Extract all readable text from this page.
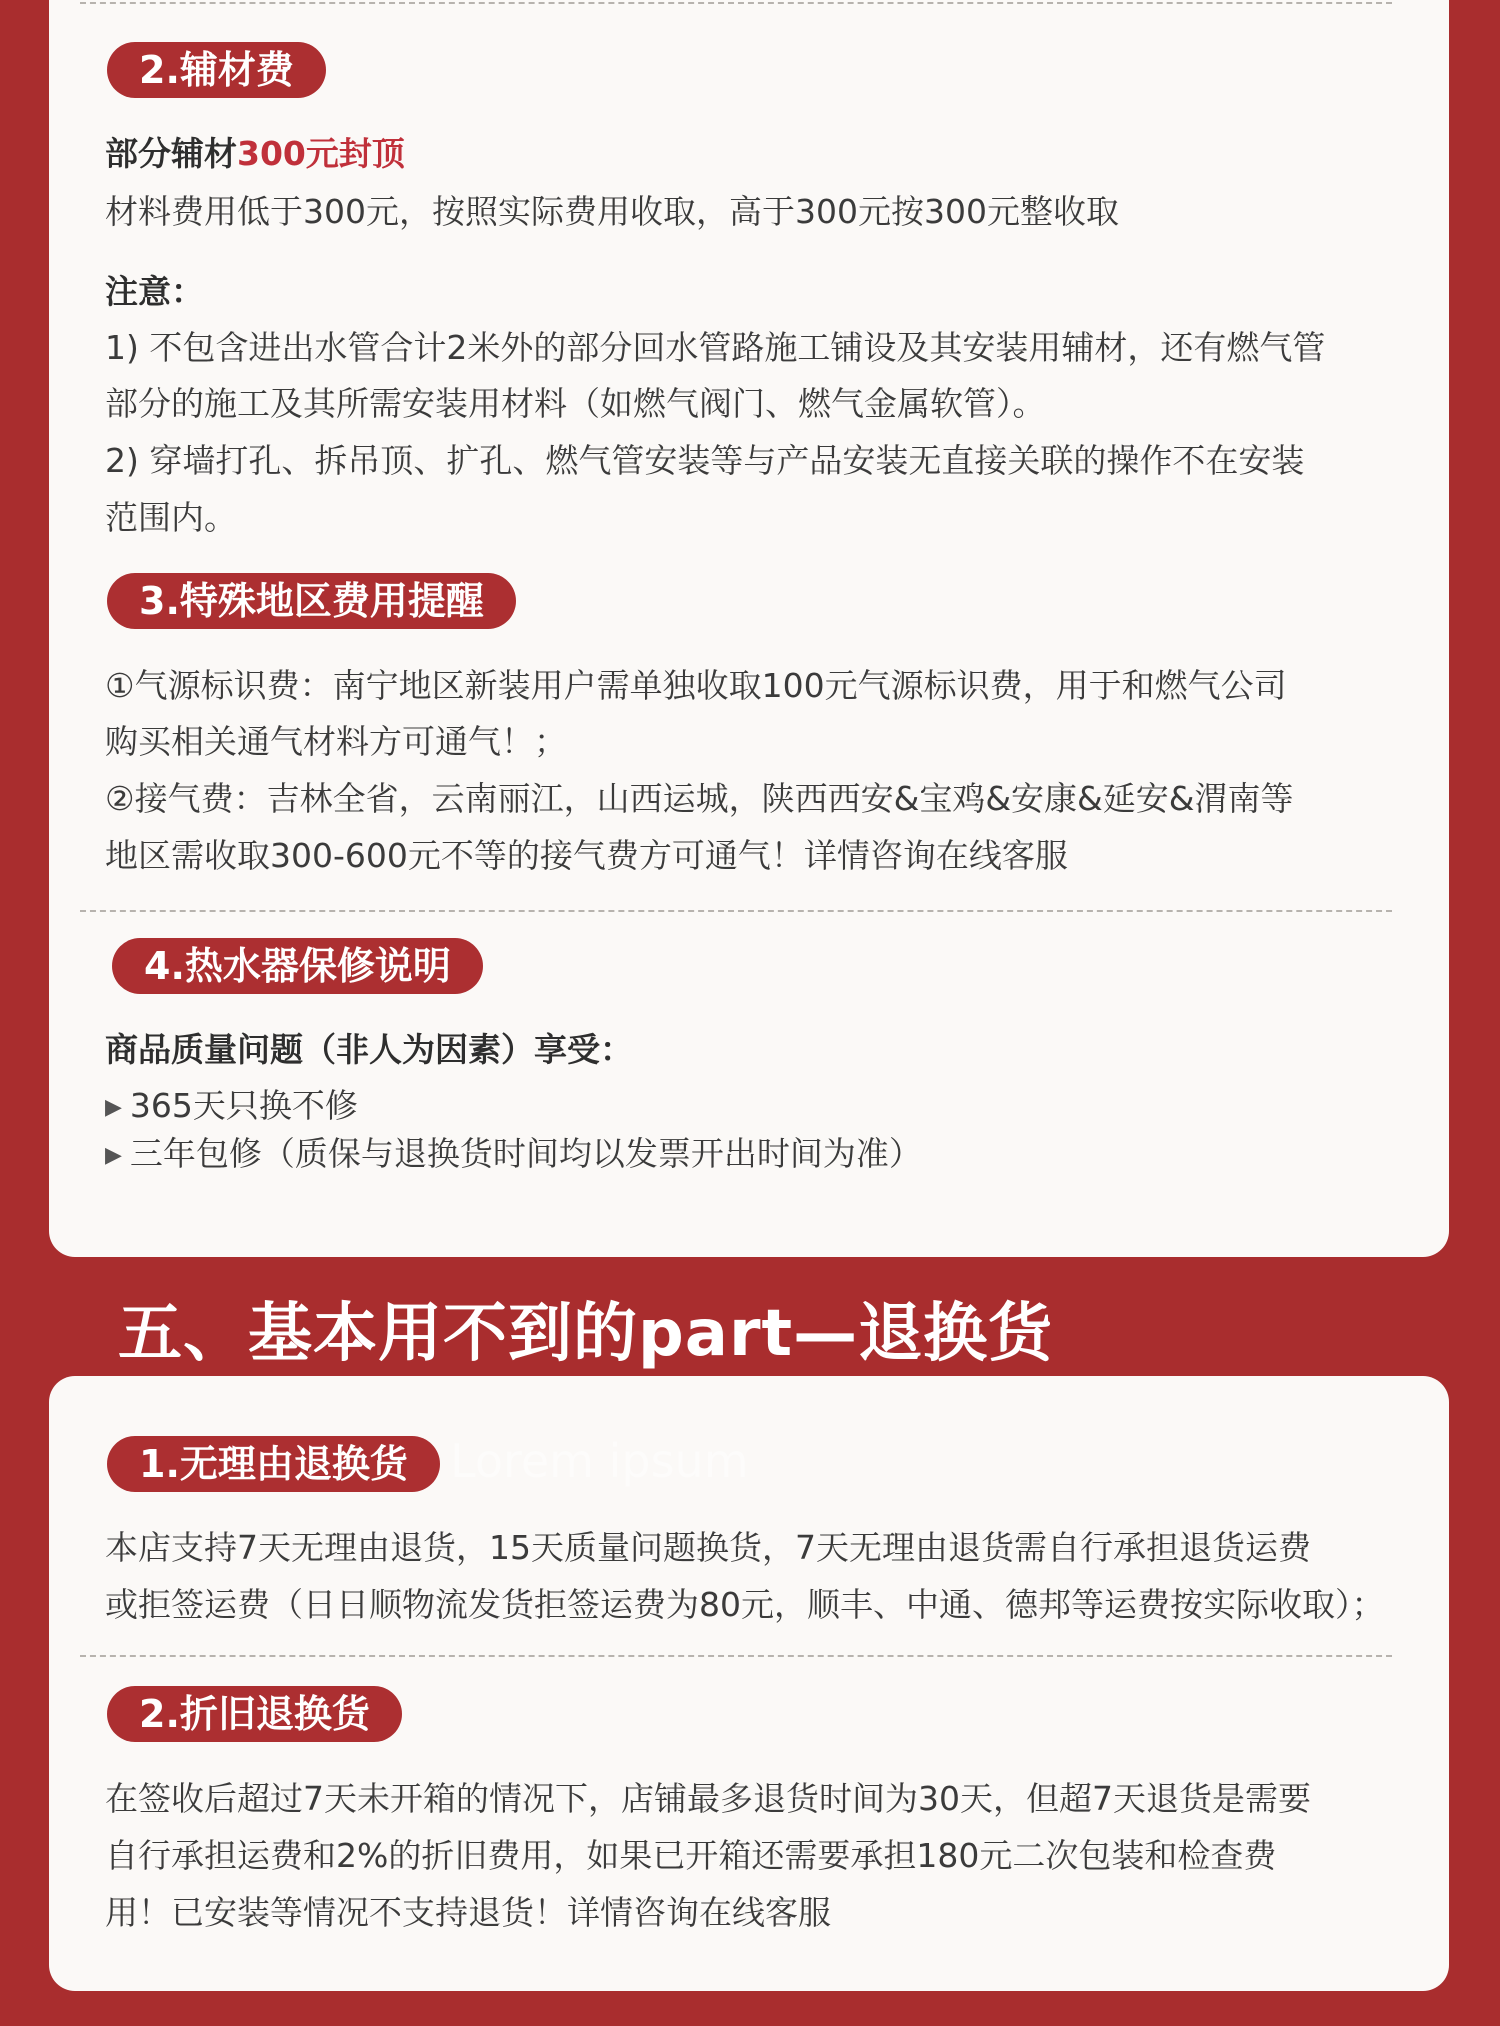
2.辅材费
部分辅材300元封顶
材料费用低于300元，按照实际费用收取，高于300元按300元整收取
注意：
1) 不包含进出水管合计2米外的部分回水管路施工铺设及其安装用辅材，还有燃气管
部分的施工及其所需安装用材料（如燃气阀门、燃气金属软管）。
2) 穿墙打孔、拆吊顶、扩孔、燃气管安装等与产品安装无直接关联的操作不在安装
范围内。
3.特殊地区费用提醒
①气源标识费：南宁地区新装用户需单独收取100元气源标识费，用于和燃气公司
购买相关通气材料方可通气！；
②接气费：吉林全省，云南丽江，山西运城，陕西西安&宝鸡&安康&延安&渭南等
地区需收取300-600元不等的接气费方可通气！详情咨询在线客服
4.热水器保修说明
商品质量问题（非人为因素）享受：
▶ 365天只换不修
▶ 三年包修（质保与退换货时间均以发票开出时间为准）
五、基本用不到的part—退换货
1.无理由退换货 Lorem ipsum
本店支持7天无理由退货，15天质量问题换货，7天无理由退货需自行承担退货运费
或拒签运费（日日顺物流发货拒签运费为80元，顺丰、中通、德邦等运费按实际收取）；
2.折旧退换货
在签收后超过7天未开箱的情况下，店铺最多退货时间为30天，但超7天退货是需要
自行承担运费和2%的折旧费用，如果已开箱还需要承担180元二次包装和检查费
用！已安装等情况不支持退货！详情咨询在线客服
